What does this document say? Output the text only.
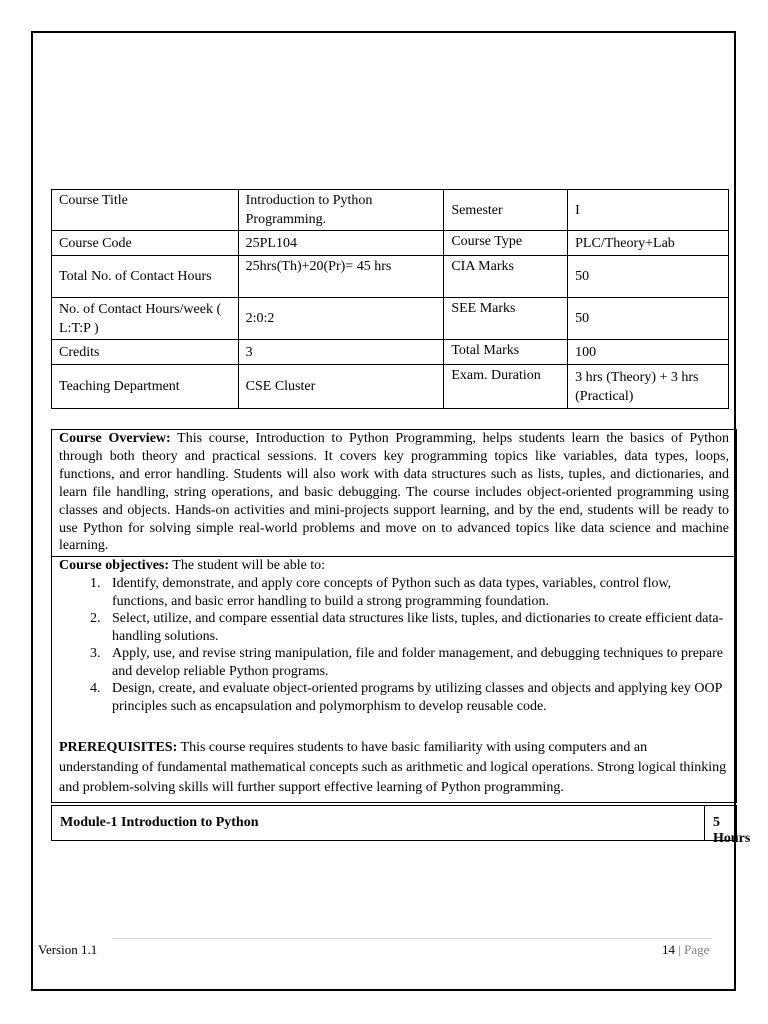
Course Title	Introduction to Python Programming.	Semester	I
Course Code	25PL104	Course Type	PLC/Theory+Lab
Total No. of Contact Hours	25hrs(Th)+20(Pr)= 45 hrs	CIA Marks	50
No. of Contact Hours/week ( L:T:P )	2:0:2	SEE Marks	50
Credits	3	Total Marks	100
Teaching Department	CSE Cluster	Exam. Duration	3 hrs (Theory) + 3 hrs (Practical)
Course Overview: This course, Introduction to Python Programming, helps students learn the basics of Python through both theory and practical sessions. It covers key programming topics like variables, data types, loops, functions, and error handling. Students will also work with data structures such as lists, tuples, and dictionaries, and learn file handling, string operations, and basic debugging. The course includes object-oriented programming using classes and objects. Hands-on activities and mini-projects support learning, and by the end, students will be ready to use Python for solving simple real-world problems and move on to advanced topics like data science and machine learning.
Course objectives: The student will be able to:
1. Identify, demonstrate, and apply core concepts of Python such as data types, variables, control flow, functions, and basic error handling to build a strong programming foundation.
2. Select, utilize, and compare essential data structures like lists, tuples, and dictionaries to create efficient data-handling solutions.
3. Apply, use, and revise string manipulation, file and folder management, and debugging techniques to prepare and develop reliable Python programs.
4. Design, create, and evaluate object-oriented programs by utilizing classes and objects and applying key OOP principles such as encapsulation and polymorphism to develop reusable code.
PREREQUISITES: This course requires students to have basic familiarity with using computers and an understanding of fundamental mathematical concepts such as arithmetic and logical operations. Strong logical thinking and problem-solving skills will further support effective learning of Python programming.
Module-1 Introduction to Python	5 Hours
Version 1.1	14 | Page
